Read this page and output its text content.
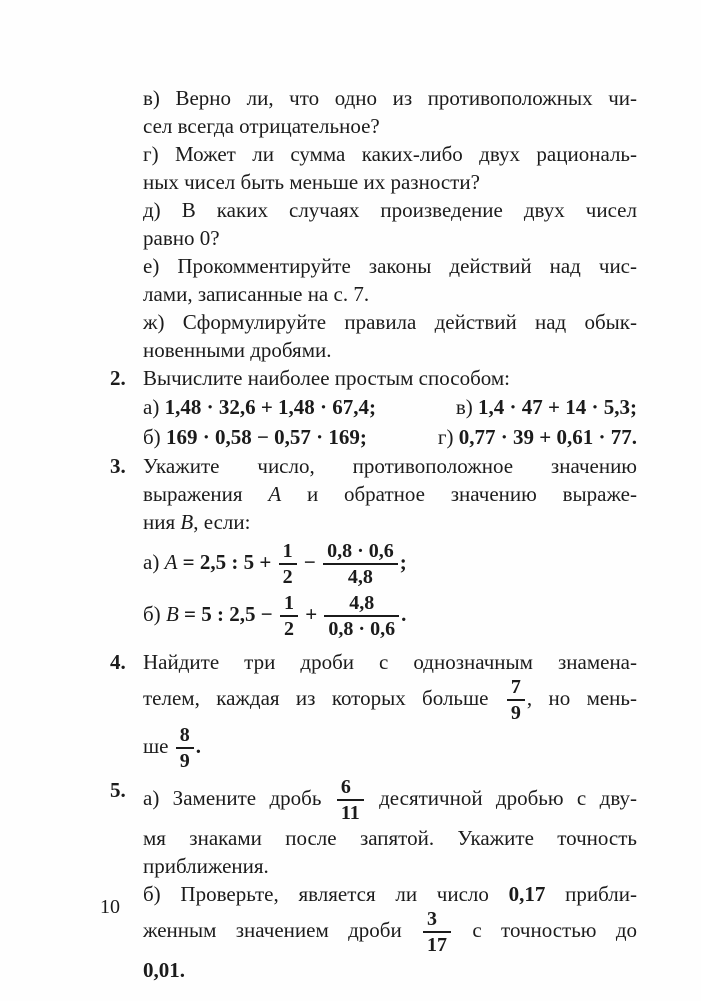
в) Верно ли, что одно из противоположных чи-
сел всегда отрицательное?
г) Может ли сумма каких-либо двух рациональ-
ных чисел быть меньше их разности?
д) В каких случаях произведение двух чисел
равно 0?
е) Прокомментируйте законы действий над чис-
лами, записанные на с. 7.
ж) Сформулируйте правила действий над обык-
новенными дробями.
2. Вычислите наиболее простым способом:
а) 1,48 · 32,6 + 1,48 · 67,4;	в) 1,4 · 47 + 14 · 5,3;
б) 169 · 0,58 − 0,57 · 169;	г) 0,77 · 39 + 0,61 · 77.
3. Укажите число, противоположное значению
выражения A и обратное значению выраже-
ния B, если:
а) A = 2,5 : $5 + \frac{1}{2} - \frac{0,8 \cdot 0,6}{4,8}$ ;
б) B = 5 : $2,5 - \frac{1}{2} + \frac{4,8}{0,8 \cdot 0,6}$ .
4. Найдите три дроби с однозначным знамена-
телем, каждая из которых больше $\frac{7}{9}$ , но мень-
ше $\frac{8}{9}$ .
5. а) Замените дробь $\frac{6}{11}$ десятичной дробью с дву-
мя знаками после запятой. Укажите точность
приближения.
б) Проверьте, является ли число 0,17 прибли-
женным значением дроби $\frac{3}{17}$ с точностью до
0,01.
10
